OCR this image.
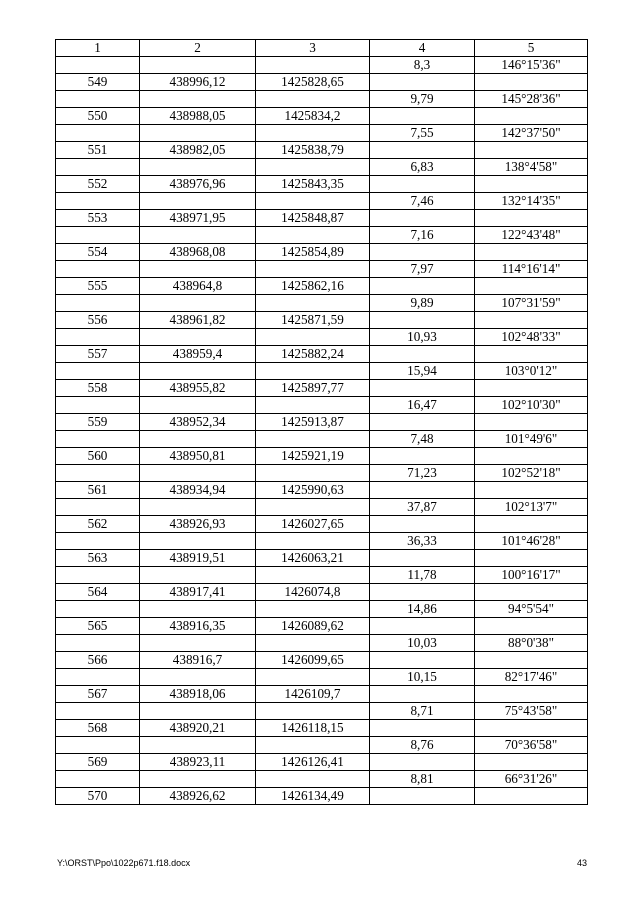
1	2	3	4	5
			8,3	146°15'36"
549	438996,12	1425828,65		
			9,79	145°28'36"
550	438988,05	1425834,2		
			7,55	142°37'50"
551	438982,05	1425838,79		
			6,83	138°4'58"
552	438976,96	1425843,35		
			7,46	132°14'35"
553	438971,95	1425848,87		
			7,16	122°43'48"
554	438968,08	1425854,89		
			7,97	114°16'14"
555	438964,8	1425862,16		
			9,89	107°31'59"
556	438961,82	1425871,59		
			10,93	102°48'33"
557	438959,4	1425882,24		
			15,94	103°0'12"
558	438955,82	1425897,77		
			16,47	102°10'30"
559	438952,34	1425913,87		
			7,48	101°49'6"
560	438950,81	1425921,19		
			71,23	102°52'18"
561	438934,94	1425990,63		
			37,87	102°13'7"
562	438926,93	1426027,65		
			36,33	101°46'28"
563	438919,51	1426063,21		
			11,78	100°16'17"
564	438917,41	1426074,8		
			14,86	94°5'54"
565	438916,35	1426089,62		
			10,03	88°0'38"
566	438916,7	1426099,65		
			10,15	82°17'46"
567	438918,06	1426109,7		
			8,71	75°43'58"
568	438920,21	1426118,15		
			8,76	70°36'58"
569	438923,11	1426126,41		
			8,81	66°31'26"
570	438926,62	1426134,49		
Y:\ORST\Ppo\1022p671.f18.docx	43
